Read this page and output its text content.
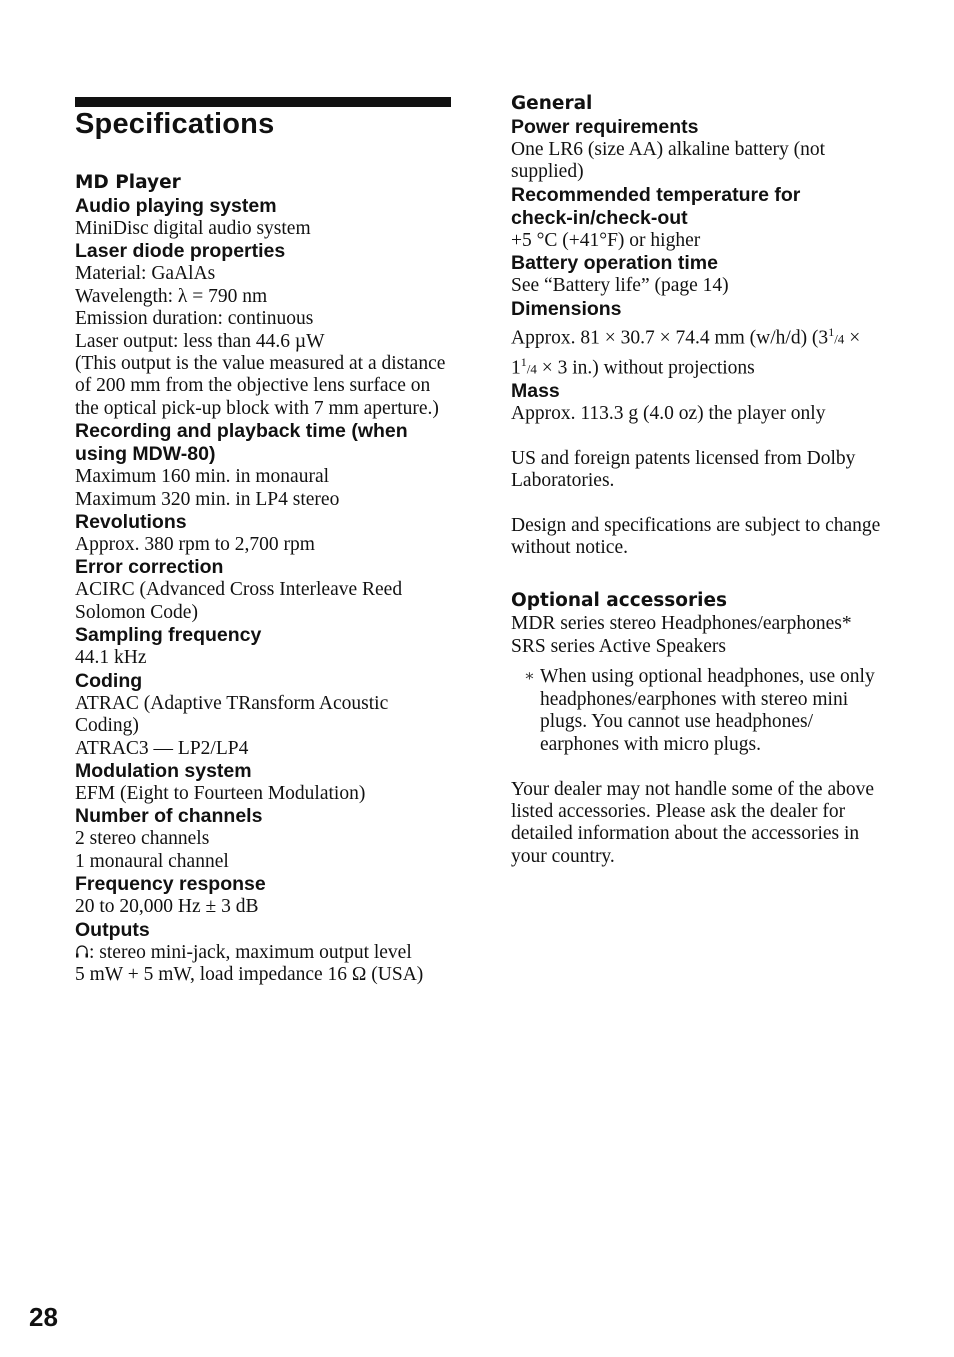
Specifications

MD Player

Audio playing system

MiniDisc digital audio system

Laser diode properties

Material: GaAlAs

Wavelength: λ = 790 nm

Emission duration: continuous

Laser output: less than 44.6 µW

(This output is the value measured at a distance

of 200 mm from the objective lens surface on

the optical pick-up block with 7 mm aperture.)

Recording and playback time (when

using MDW-80)

Maximum 160 min. in monaural

Maximum 320 min. in LP4 stereo

Revolutions

Approx. 380 rpm to 2,700 rpm

Error correction

ACIRC (Advanced Cross Interleave Reed

Solomon Code)

Sampling frequency

44.1 kHz

Coding

ATRAC (Adaptive TRansform Acoustic

Coding)

ATRAC3 — LP2/LP4

Modulation system

EFM (Eight to Fourteen Modulation)

Number of channels

2 stereo channels

1 monaural channel

Frequency response

20 to 20,000 Hz ± 3 dB

Outputs

: stereo mini-jack, maximum output level

5 mW + 5 mW, load impedance 16 Ω (USA)

General

Power requirements

One LR6 (size AA) alkaline battery (not

supplied)

Recommended temperature for

check-in/check-out

+5 °C (+41°F) or higher

Battery operation time

See “Battery life” (page 14)

Dimensions

Approx. 81 × 30.7 × 74.4 mm (w/h/d) ($3^1/4$ ×

$1^1/4 \times 3$ in.) without projections

Mass

Approx. 113.3 g (4.0 oz) the player only

US and foreign patents licensed from Dolby

Laboratories.

Design and specifications are subject to change

without notice.

Optional accessories

MDR series stereo Headphones/earphones*

SRS series Active Speakers

∗ When using optional headphones, use only
headphones/earphones with stereo mini
plugs. You cannot use headphones/
earphones with micro plugs.

Your dealer may not handle some of the above

listed accessories. Please ask the dealer for

detailed information about the accessories in

your country.

28
